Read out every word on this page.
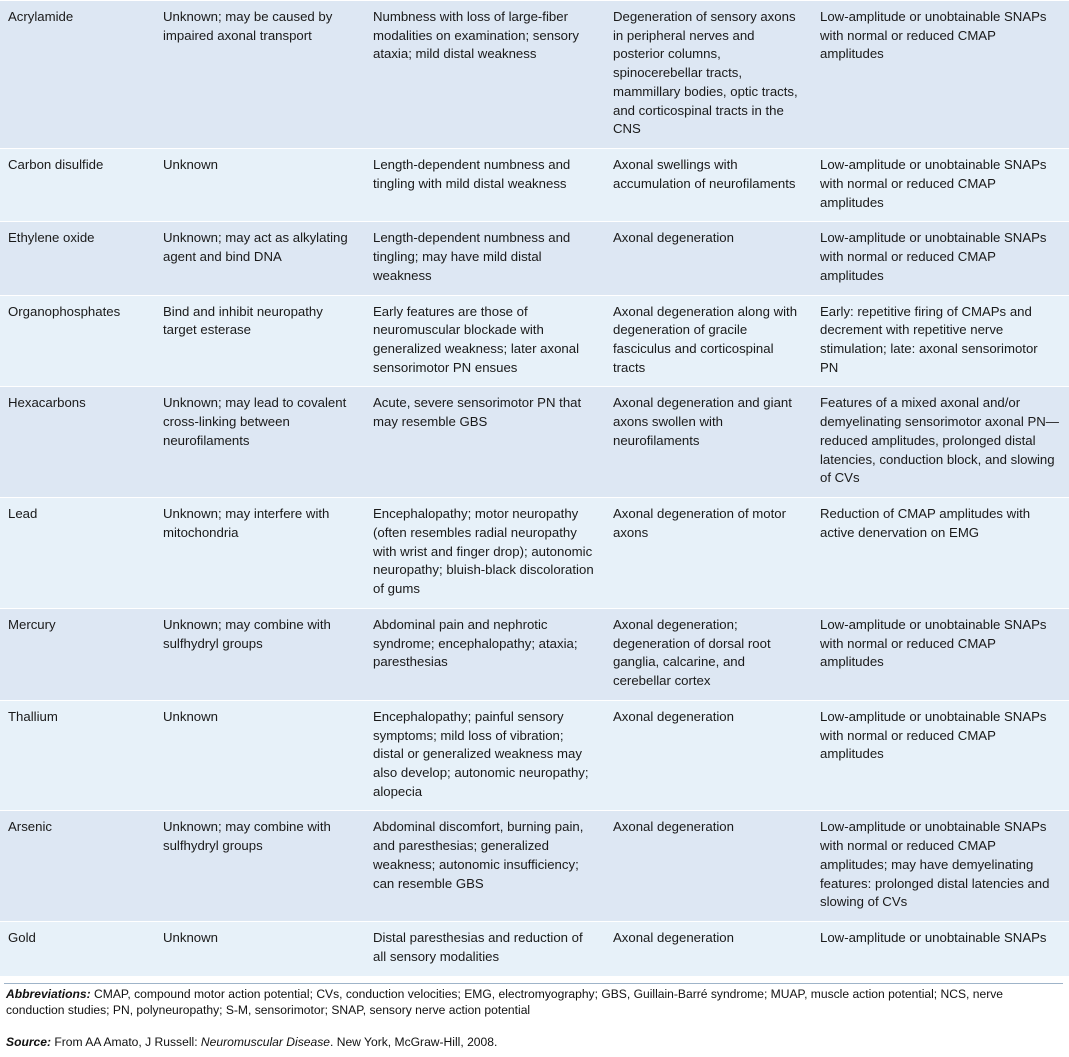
Acrylamide	Unknown; may be caused by impaired axonal transport	Numbness with loss of large-fiber modalities on examination; sensory ataxia; mild distal weakness	Degeneration of sensory axons in peripheral nerves and posterior columns, spinocerebellar tracts, mammillary bodies, optic tracts, and corticospinal tracts in the CNS	Low-amplitude or unobtainable SNAPs with normal or reduced CMAP amplitudes
Carbon disulfide	Unknown	Length-dependent numbness and tingling with mild distal weakness	Axonal swellings with accumulation of neurofilaments	Low-amplitude or unobtainable SNAPs with normal or reduced CMAP amplitudes
Ethylene oxide	Unknown; may act as alkylating agent and bind DNA	Length-dependent numbness and tingling; may have mild distal weakness	Axonal degeneration	Low-amplitude or unobtainable SNAPs with normal or reduced CMAP amplitudes
Organophosphates	Bind and inhibit neuropathy target esterase	Early features are those of neuromuscular blockade with generalized weakness; later axonal sensorimotor PN ensues	Axonal degeneration along with degeneration of gracile fasciculus and corticospinal tracts	Early: repetitive firing of CMAPs and decrement with repetitive nerve stimulation; late: axonal sensorimotor PN
Hexacarbons	Unknown; may lead to covalent cross-linking between neurofilaments	Acute, severe sensorimotor PN that may resemble GBS	Axonal degeneration and giant axons swollen with neurofilaments	Features of a mixed axonal and/or demyelinating sensorimotor axonal PN—reduced amplitudes, prolonged distal latencies, conduction block, and slowing of CVs
Lead	Unknown; may interfere with mitochondria	Encephalopathy; motor neuropathy (often resembles radial neuropathy with wrist and finger drop); autonomic neuropathy; bluish-black discoloration of gums	Axonal degeneration of motor axons	Reduction of CMAP amplitudes with active denervation on EMG
Mercury	Unknown; may combine with sulfhydryl groups	Abdominal pain and nephrotic syndrome; encephalopathy; ataxia; paresthesias	Axonal degeneration; degeneration of dorsal root ganglia, calcarine, and cerebellar cortex	Low-amplitude or unobtainable SNAPs with normal or reduced CMAP amplitudes
Thallium	Unknown	Encephalopathy; painful sensory symptoms; mild loss of vibration; distal or generalized weakness may also develop; autonomic neuropathy; alopecia	Axonal degeneration	Low-amplitude or unobtainable SNAPs with normal or reduced CMAP amplitudes
Arsenic	Unknown; may combine with sulfhydryl groups	Abdominal discomfort, burning pain, and paresthesias; generalized weakness; autonomic insufficiency; can resemble GBS	Axonal degeneration	Low-amplitude or unobtainable SNAPs with normal or reduced CMAP amplitudes; may have demyelinating features: prolonged distal latencies and slowing of CVs
Gold	Unknown	Distal paresthesias and reduction of all sensory modalities	Axonal degeneration	Low-amplitude or unobtainable SNAPs
Abbreviations: CMAP, compound motor action potential; CVs, conduction velocities; EMG, electromyography; GBS, Guillain-Barré syndrome; MUAP, muscle action potential; NCS, nerve conduction studies; PN, polyneuropathy; S-M, sensorimotor; SNAP, sensory nerve action potential
Source: From AA Amato, J Russell: Neuromuscular Disease. New York, McGraw-Hill, 2008.
